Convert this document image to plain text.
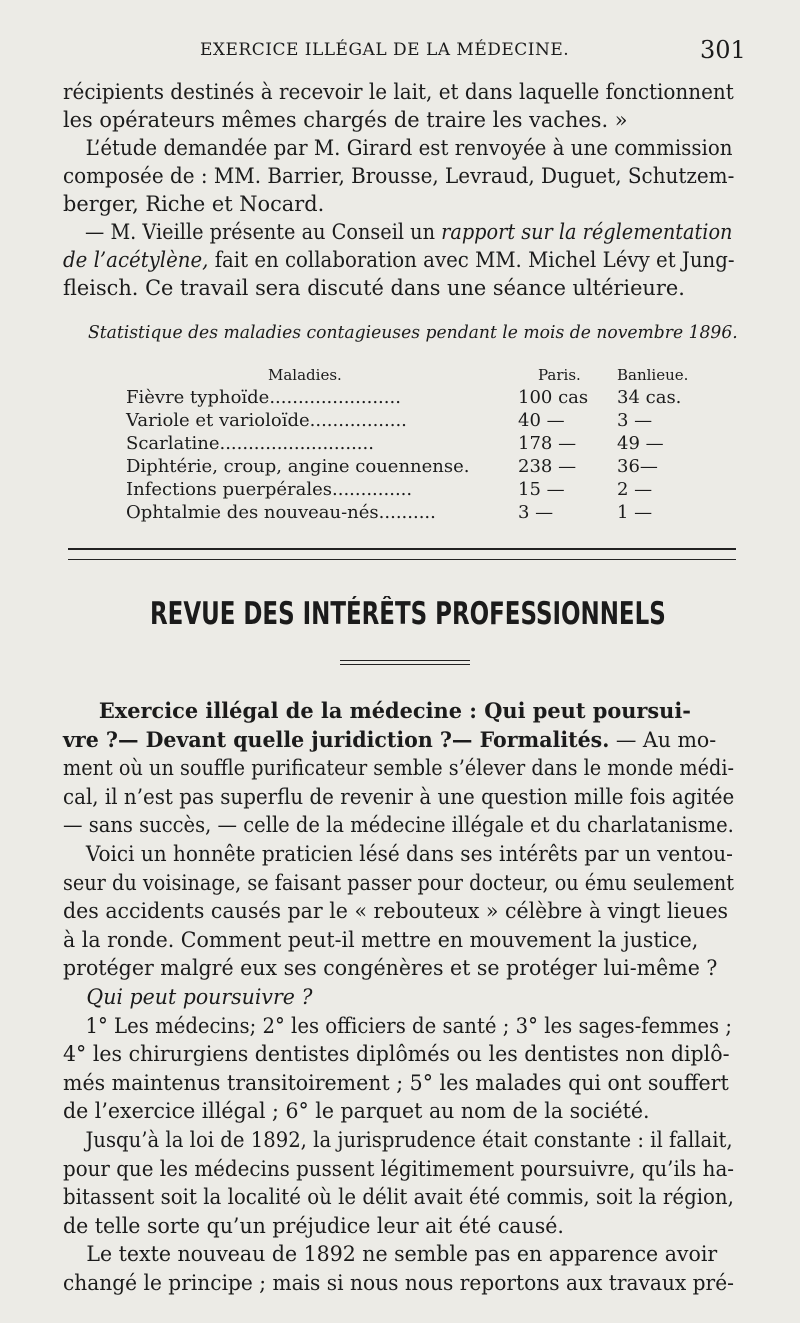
EXERCICE ILLÉGAL DE LA MÉDECINE.	301

récipients destinés à recevoir le lait, et dans laquelle fonctionnent
les opérateurs mêmes chargés de traire les vaches. »

L’étude demandée par M. Girard est renvoyée à une commission
composée de : MM. Barrier, Brousse, Levraud, Duguet, Schutzem-
berger, Riche et Nocard.

— M. Vieille présente au Conseil un rapport sur la réglementation
de l’acétylène, fait en collaboration avec MM. Michel Lévy et Jung-
fleisch. Ce travail sera discuté dans une séance ultérieure.

Statistique des maladies contagieuses pendant le mois de novembre 1896.
Maladies.	Paris. Banlieue.
Fièvre typhoïde.......................	100 cas	34 cas.
Variole et varioloïde.................	40 —	3 —
Scarlatine...........................	178 —	49 —
Diphtérie, croup, angine couennense.	238 —	36—
Infections puerpérales..............	15 —	2 —
Ophtalmie des nouveau-nés..........	3 —	1 —
REVUE DES INTÉRÊTS PROFESSIONNELS

Exercice illégal de la médecine : Qui peut poursui-
vre ?— Devant quelle juridiction ?— Formalités. — Au mo-
ment où un souffle purificateur semble s’élever dans le monde médi-
cal, il n’est pas superflu de revenir à une question mille fois agitée
— sans succès, — celle de la médecine illégale et du charlatanisme.

Voici un honnête praticien lésé dans ses intérêts par un ventou-
seur du voisinage, se faisant passer pour docteur, ou ému seulement
des accidents causés par le « rebouteux » célèbre à vingt lieues
à la ronde. Comment peut-il mettre en mouvement la justice,
protéger malgré eux ses congénères et se protéger lui-même ?

Qui peut poursuivre ?

1° Les médecins; 2° les officiers de santé ; 3° les sages-femmes ;
4° les chirurgiens dentistes diplômés ou les dentistes non diplô-
més maintenus transitoirement ; 5° les malades qui ont souffert
de l’exercice illégal ; 6° le parquet au nom de la société.

Jusqu’à la loi de 1892, la jurisprudence était constante : il fallait,
pour que les médecins pussent légitimement poursuivre, qu’ils ha-
bitassent soit la localité où le délit avait été commis, soit la région,
de telle sorte qu’un préjudice leur ait été causé.

Le texte nouveau de 1892 ne semble pas en apparence avoir
changé le principe ; mais si nous nous reportons aux travaux pré-
